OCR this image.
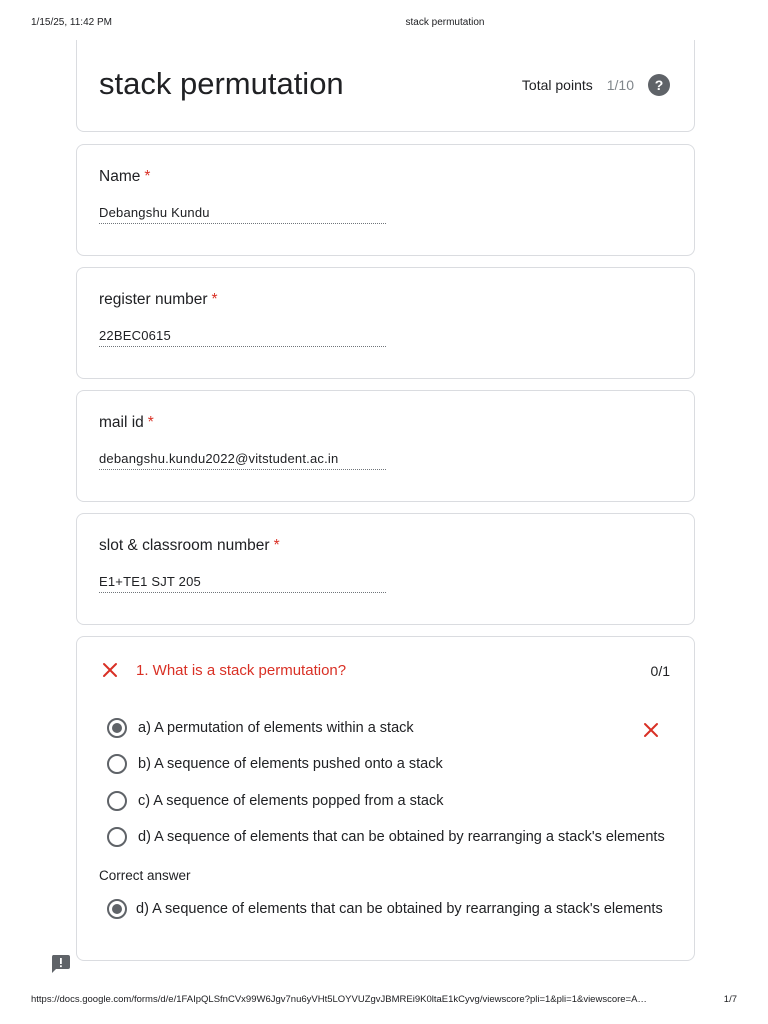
1/15/25, 11:42 PM	stack permutation
stack permutation	Total points 1/10 ?
Name *
Debangshu Kundu
register number *
22BEC0615
mail id *
debangshu.kundu2022@vitstudent.ac.in
slot & classroom number *
E1+TE1 SJT 205
1. What is a stack permutation?	0/1
a) A permutation of elements within a stack
b) A sequence of elements pushed onto a stack
c) A sequence of elements popped from a stack
d) A sequence of elements that can be obtained by rearranging a stack's elements
Correct answer
d) A sequence of elements that can be obtained by rearranging a stack's elements
https://docs.google.com/forms/d/e/1FAIpQLSfnCVx99W6Jgv7nu6yVHt5LOYVUZgvJBMREi9K0ltaE1kCyvg/viewscore?pli=1&pli=1&viewscore=A…	1/7
